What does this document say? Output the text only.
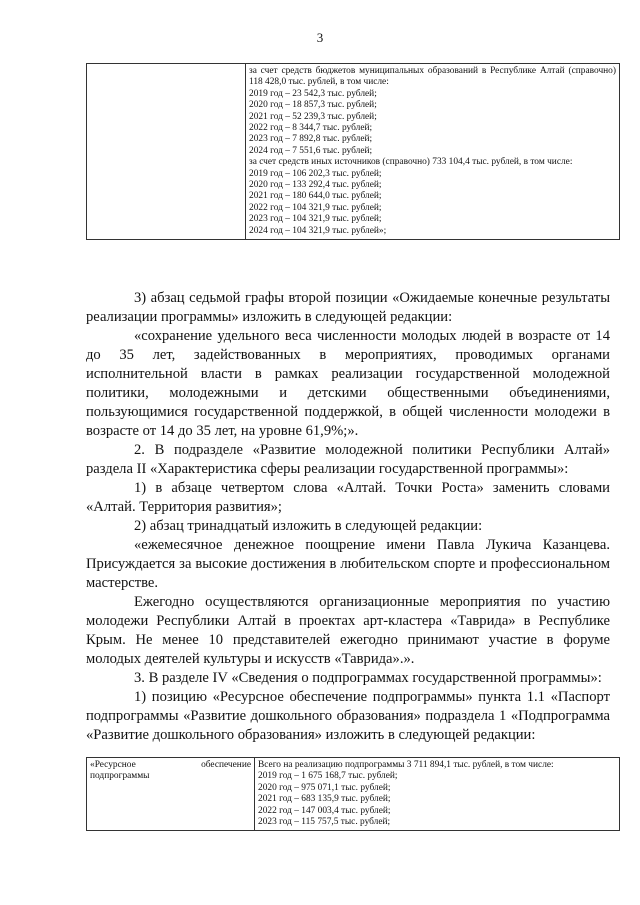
3

за счет средств бюджетов муниципальных образований в Республике Алтай (справочно) 118 428,0 тыс. рублей, в том числе:
2019 год – 23 542,3 тыс. рублей;
2020 год – 18 857,3 тыс. рублей;
2021 год – 52 239,3 тыс. рублей;
2022 год – 8 344,7 тыс. рублей;
2023 год – 7 892,8 тыс. рублей;
2024 год – 7 551,6 тыс. рублей;
за счет средств иных источников (справочно) 733 104,4 тыс. рублей, в том числе:
2019 год – 106 202,3 тыс. рублей;
2020 год – 133 292,4 тыс. рублей;
2021 год – 180 644,0 тыс. рублей;
2022 год – 104 321,9 тыс. рублей;
2023 год – 104 321,9 тыс. рублей;
2024 год – 104 321,9 тыс. рублей»;

3) абзац седьмой графы второй позиции «Ожидаемые конечные результаты реализации программы» изложить в следующей редакции:

«сохранение удельного веса численности молодых людей в возрасте от 14 до 35 лет, задействованных в мероприятиях, проводимых органами исполнительной власти в рамках реализации государственной молодежной политики, молодежными и детскими общественными объединениями, пользующимися государственной поддержкой, в общей численности молодежи в возрасте от 14 до 35 лет, на уровне 61,9%;».

2. В подразделе «Развитие молодежной политики Республики Алтай» раздела II «Характеристика сферы реализации государственной программы»:

1) в абзаце четвертом слова «Алтай. Точки Роста» заменить словами «Алтай. Территория развития»;

2) абзац тринадцатый изложить в следующей редакции:

«ежемесячное денежное поощрение имени Павла Лукича Казанцева. Присуждается за высокие достижения в любительском спорте и профессиональном мастерстве.

Ежегодно осуществляются организационные мероприятия по участию молодежи Республики Алтай в проектах арт-кластера «Таврида» в Республике Крым. Не менее 10 представителей ежегодно принимают участие в форуме молодых деятелей культуры и искусств «Таврида».».

3. В разделе IV «Сведения о подпрограммах государственной программы»:

1) позицию «Ресурсное обеспечение подпрограммы» пункта 1.1 «Паспорт подпрограммы «Развитие дошкольного образования» подраздела 1 «Подпрограмма «Развитие дошкольного образования» изложить в следующей редакции:

«Ресурсное	обеспечение
подпрограммы

Всего на реализацию подпрограммы 3 711 894,1 тыс. рублей, в том числе:
2019 год – 1 675 168,7 тыс. рублей;
2020 год – 975 071,1 тыс. рублей;
2021 год – 683 135,9 тыс. рублей;
2022 год – 147 003,4 тыс. рублей;
2023 год – 115 757,5 тыс. рублей;
